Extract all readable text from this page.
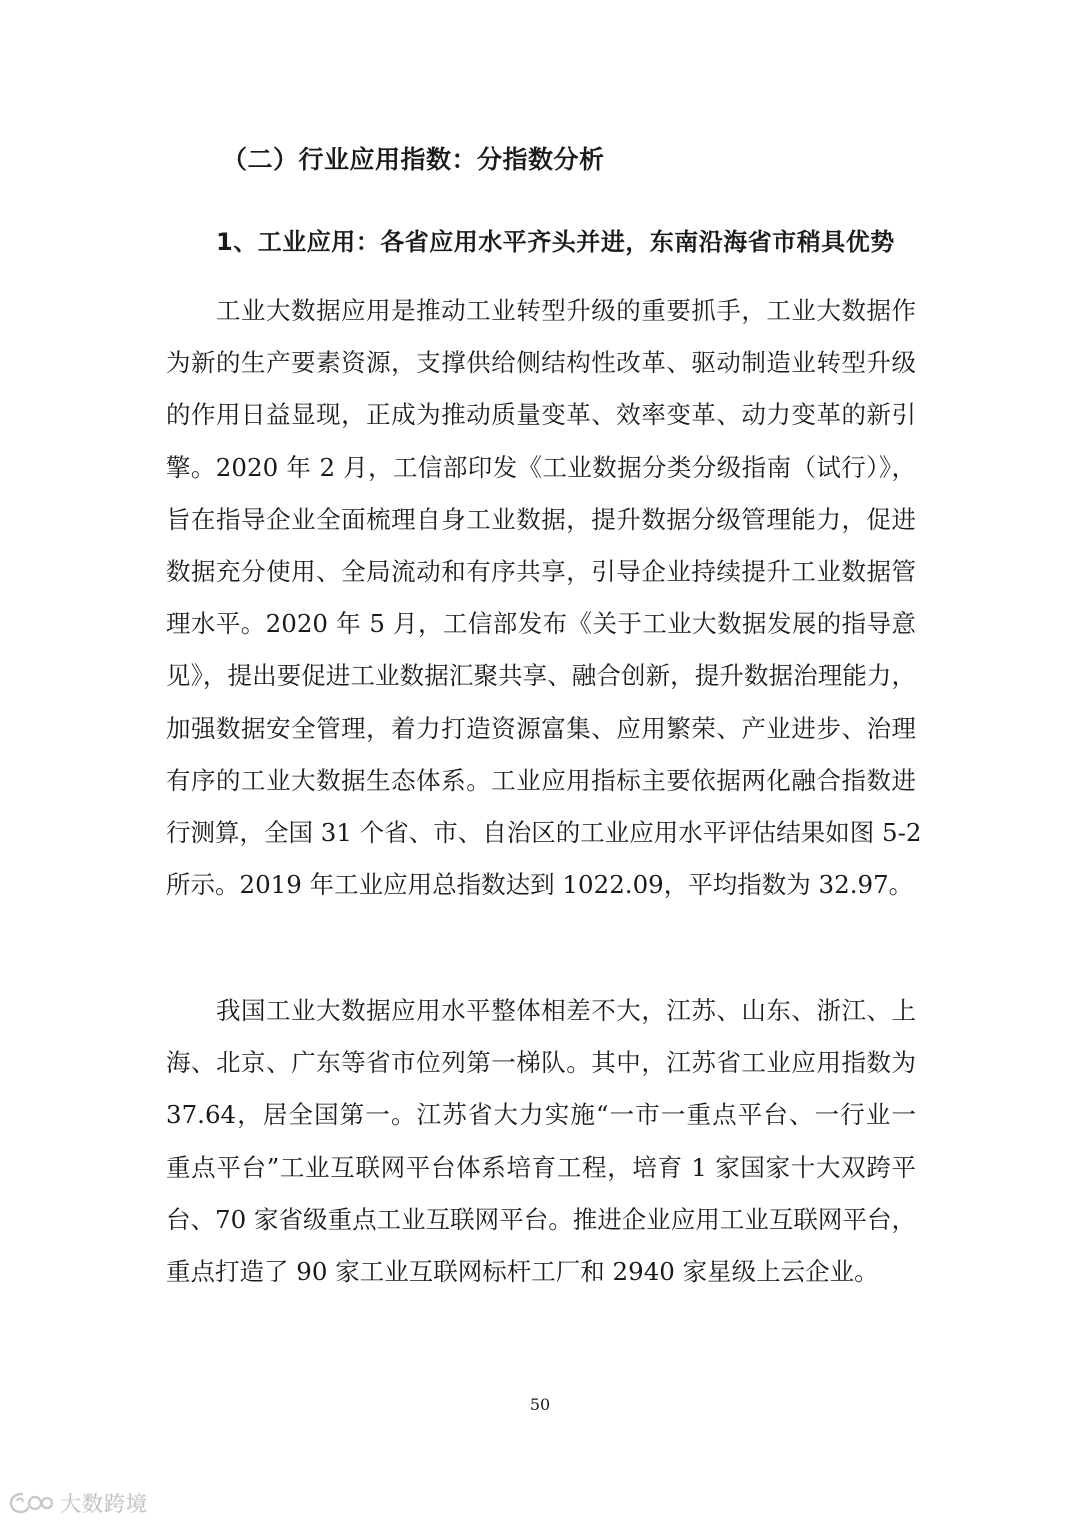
（二）行业应用指数：分指数分析
1、工业应用：各省应用水平齐头并进，东南沿海省市稍具优势
工业大数据应用是推动工业转型升级的重要抓手，工业大数据作
为新的生产要素资源，支撑供给侧结构性改革、驱动制造业转型升级
的作用日益显现，正成为推动质量变革、效率变革、动力变革的新引
擎。2020 年 2 月，工信部印发《工业数据分类分级指南（试行）》，
旨在指导企业全面梳理自身工业数据，提升数据分级管理能力，促进
数据充分使用、全局流动和有序共享，引导企业持续提升工业数据管
理水平。2020 年 5 月，工信部发布《关于工业大数据发展的指导意
见》，提出要促进工业数据汇聚共享、融合创新，提升数据治理能力，
加强数据安全管理，着力打造资源富集、应用繁荣、产业进步、治理
有序的工业大数据生态体系。工业应用指标主要依据两化融合指数进
行测算，全国 31 个省、市、自治区的工业应用水平评估结果如图 5-2
所示。2019 年工业应用总指数达到 1022.09，平均指数为 32.97。
我国工业大数据应用水平整体相差不大，江苏、山东、浙江、上
海、北京、广东等省市位列第一梯队。其中，江苏省工业应用指数为
37.64，居全国第一。江苏省大力实施“一市一重点平台、一行业一
重点平台”工业互联网平台体系培育工程，培育 1 家国家十大双跨平
台、70 家省级重点工业互联网平台。推进企业应用工业互联网平台，
重点打造了 90 家工业互联网标杆工厂和 2940 家星级上云企业。

50

大数跨境
